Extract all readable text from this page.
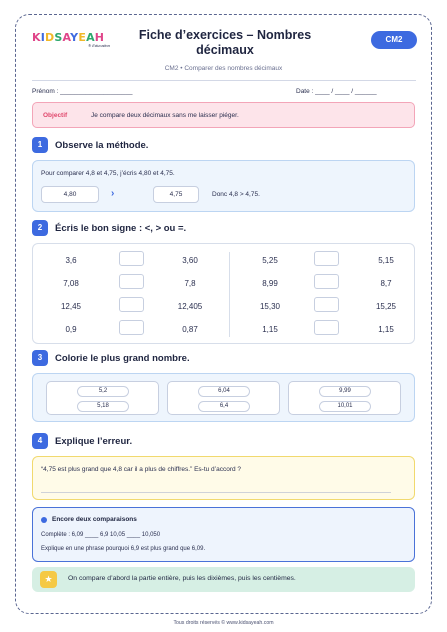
KIDSAYEAH
® Education
Fiche d’exercices – Nombres
décimaux
CM2
CM2 • Comparer des nombres décimaux
Prénom : ____________________	Date : ____ / ____ / ______
Objectif	Je compare deux décimaux sans me laisser piéger.
1	Observe la méthode.
Pour comparer 4,8 et 4,75, j’écris 4,80 et 4,75.
4,80	›	4,75	Donc 4,8 > 4,75.
2	Écris le bon signe : <, > ou =.
3,6	3,60	5,25	5,15
7,08	7,8	8,99	8,7
12,45	12,405	15,30	15,25
0,9	0,87	1,15	1,15
3	Colorie le plus grand nombre.
5,2
5,18
6,04
6,4
9,99
10,01
4	Explique l’erreur.
“4,75 est plus grand que 4,8 car il a plus de chiffres.” Es-tu d’accord ?
Encore deux comparaisons
Complète : 6,09 ____ 6,9 10,05 ____ 10,050
Explique en une phrase pourquoi 6,9 est plus grand que 6,09.
★	On compare d’abord la partie entière, puis les dixièmes, puis les centièmes.
Tous droits réservés © www.kidsayeah.com
